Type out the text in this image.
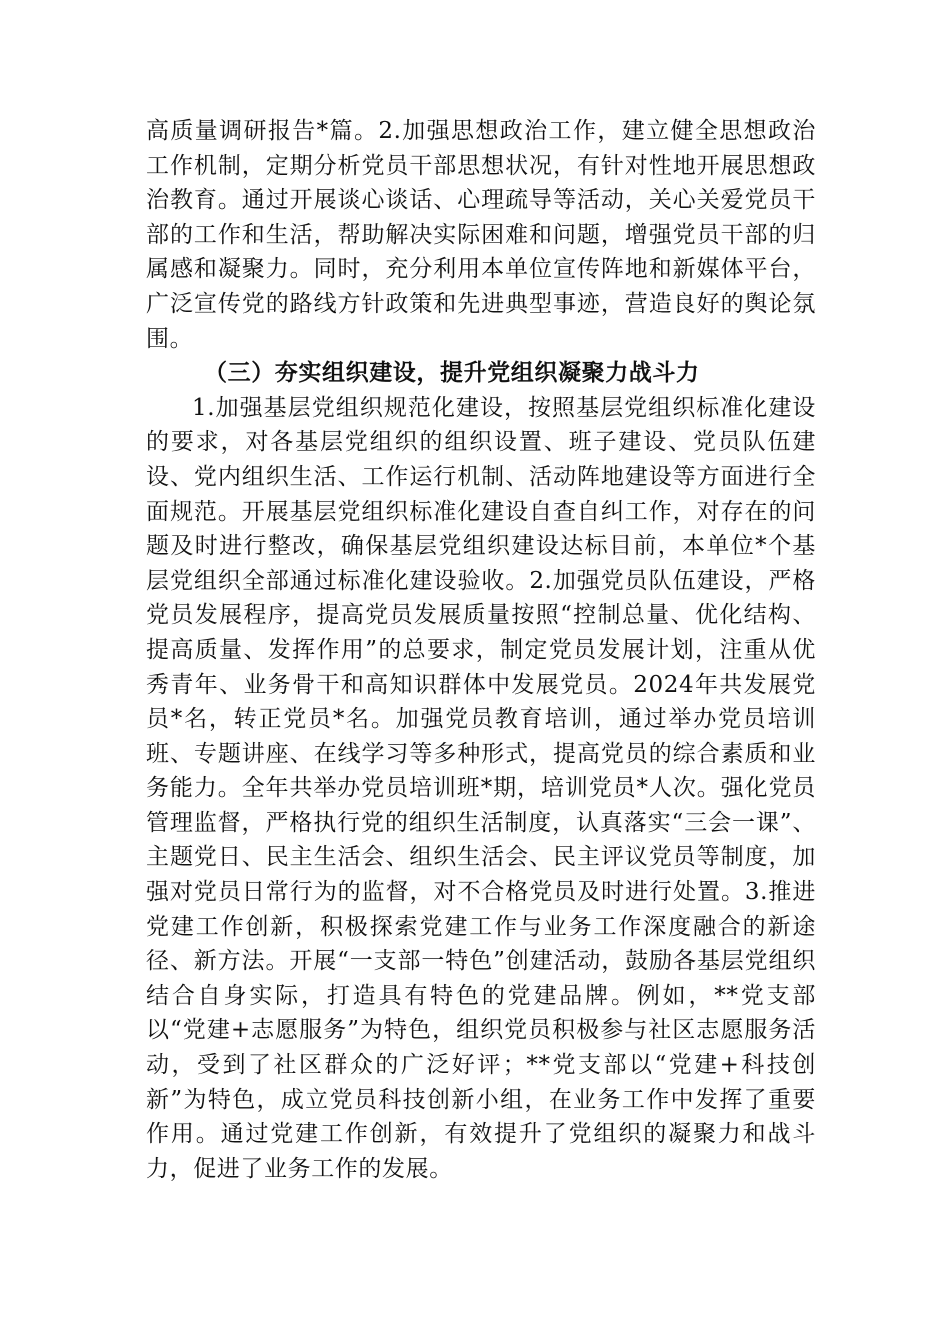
高质量调研报告*篇。2.加强思想政治工作，建立健全思想政治工作机制，定期分析党员干部思想状况，有针对性地开展思想政治教育。通过开展谈心谈话、心理疏导等活动，关心关爱党员干部的工作和生活，帮助解决实际困难和问题，增强党员干部的归属感和凝聚力。同时，充分利用本单位宣传阵地和新媒体平台，广泛宣传党的路线方针政策和先进典型事迹，营造良好的舆论氛围。

（三）夯实组织建设，提升党组织凝聚力战斗力

1.加强基层党组织规范化建设，按照基层党组织标准化建设的要求，对各基层党组织的组织设置、班子建设、党员队伍建设、党内组织生活、工作运行机制、活动阵地建设等方面进行全面规范。开展基层党组织标准化建设自查自纠工作，对存在的问题及时进行整改，确保基层党组织建设达标目前，本单位*个基层党组织全部通过标准化建设验收。2.加强党员队伍建设，严格党员发展程序，提高党员发展质量按照“控制总量、优化结构、提高质量、发挥作用”的总要求，制定党员发展计划，注重从优秀青年、业务骨干和高知识群体中发展党员。2024年共发展党员*名，转正党员*名。加强党员教育培训，通过举办党员培训班、专题讲座、在线学习等多种形式，提高党员的综合素质和业务能力。全年共举办党员培训班*期，培训党员*人次。强化党员管理监督，严格执行党的组织生活制度，认真落实“三会一课”、主题党日、民主生活会、组织生活会、民主评议党员等制度，加强对党员日常行为的监督，对不合格党员及时进行处置。3.推进党建工作创新，积极探索党建工作与业务工作深度融合的新途径、新方法。开展“一支部一特色”创建活动，鼓励各基层党组织结合自身实际，打造具有特色的党建品牌。例如，**党支部以“党建+志愿服务”为特色，组织党员积极参与社区志愿服务活动，受到了社区群众的广泛好评；**党支部以“党建+科技创新”为特色，成立党员科技创新小组，在业务工作中发挥了重要作用。通过党建工作创新，有效提升了党组织的凝聚力和战斗力，促进了业务工作的发展。
